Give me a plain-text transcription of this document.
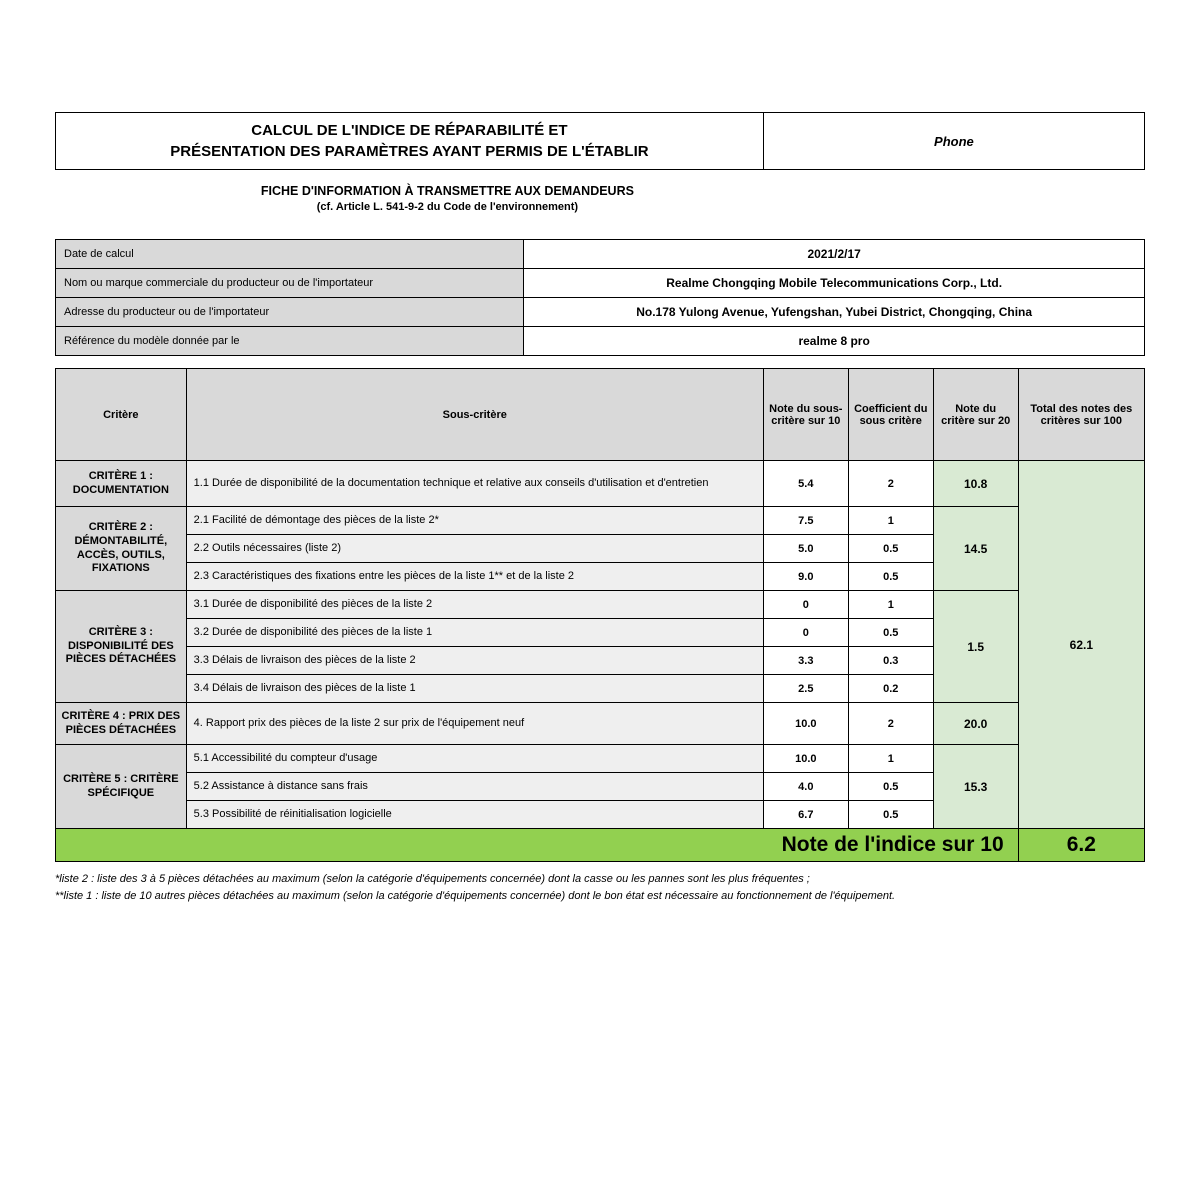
CALCUL DE L'INDICE DE RÉPARABILITÉ ET
PRÉSENTATION DES PARAMÈTRES AYANT PERMIS DE L'ÉTABLIR
	Phone
FICHE D'INFORMATION À TRANSMETTRE AUX DEMANDEURS
(cf. Article L. 541-9-2 du Code de l'environnement)
Date de calcul	2021/2/17
Nom ou marque commerciale du producteur ou de l'importateur	Realme Chongqing Mobile Telecommunications Corp., Ltd.
Adresse du producteur ou de l'importateur	No.178 Yulong Avenue, Yufengshan, Yubei District, Chongqing, China
Référence du modèle donnée par le	realme 8 pro
Critère	Sous-critère	Note du sous-critère sur 10	Coefficient du sous critère	Note du critère sur 20	Total des notes des critères sur 100
CRITÈRE 1 : DOCUMENTATION	1.1 Durée de disponibilité de la documentation technique et relative aux conseils d'utilisation et d'entretien	5.4	2	10.8	62.1
CRITÈRE 2 : DÉMONTABILITÉ, ACCÈS, OUTILS, FIXATIONS	2.1 Facilité de démontage des pièces de la liste 2*	7.5	1	14.5	
	2.2 Outils nécessaires (liste 2)	5.0	0.5		
	2.3 Caractéristiques des fixations entre les pièces de la liste 1** et de la liste 2	9.0	0.5		
CRITÈRE 3 : DISPONIBILITÉ DES PIÈCES DÉTACHÉES	3.1 Durée de disponibilité des pièces de la liste 2	0	1	1.5	
	3.2 Durée de disponibilité des pièces de la liste 1	0	0.5		
	3.3 Délais de livraison des pièces de la liste 2	3.3	0.3		
	3.4 Délais de livraison des pièces de la liste 1	2.5	0.2		
CRITÈRE 4 : PRIX DES PIÈCES DÉTACHÉES	4. Rapport prix des pièces de la liste 2 sur prix de l'équipement neuf	10.0	2	20.0	
CRITÈRE 5 : CRITÈRE SPÉCIFIQUE	5.1 Accessibilité du compteur d'usage	10.0	1	15.3	
	5.2 Assistance à distance sans frais	4.0	0.5		
	5.3 Possibilité de réinitialisation logicielle	6.7	0.5		
Note de l'indice sur 10					6.2
*liste 2 : liste des 3 à 5 pièces détachées au maximum (selon la catégorie d'équipements concernée) dont la casse ou les pannes sont les plus fréquentes ;
**liste 1 : liste de 10 autres pièces détachées au maximum (selon la catégorie d'équipements concernée) dont le bon état est nécessaire au fonctionnement de l'équipement.
